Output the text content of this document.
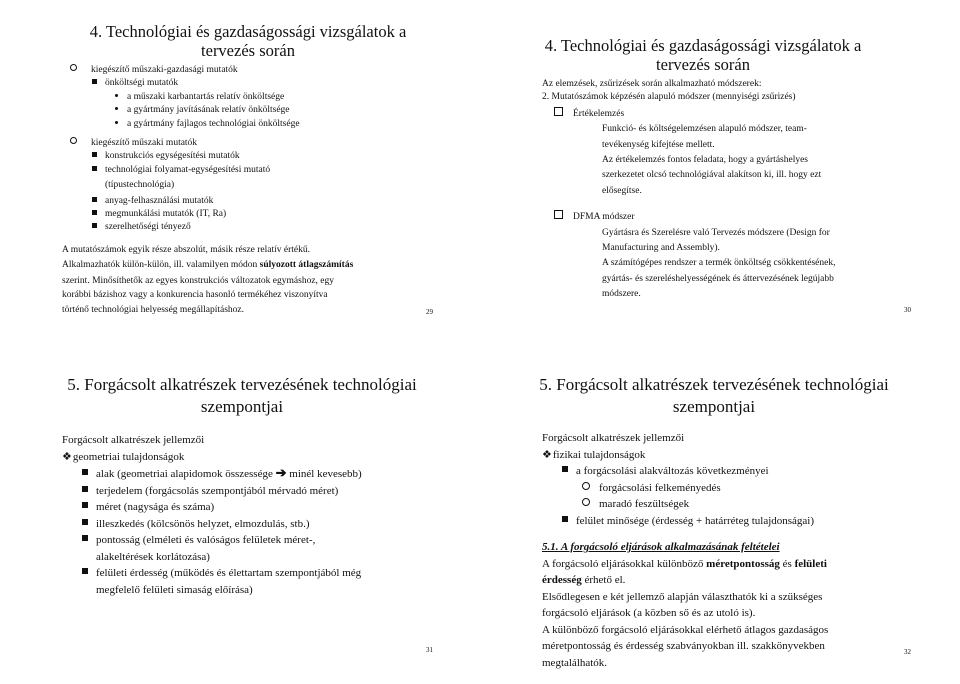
4. Technológiai és gazdaságossági vizsgálatok a tervezés során
kiegészítő műszaki-gazdasági mutatók
önköltségi mutatók
a műszaki karbantartás relatív önköltsége
a gyártmány javításának relatív önköltsége
a gyártmány fajlagos technológiai önköltsége
kiegészítő műszaki mutatók
konstrukciós egységesítési mutatók
technológiai folyamat-egységesítési mutató
(típustechnológia)
anyag-felhasználási mutatók
megmunkálási mutatók (IT, Ra)
szerelhetőségi tényező
A mutatószámok egyik része abszolút, másik része relatív értékű.
Alkalmazhatók külön-külön, ill. valamilyen módon súlyozott átlagszámítás
szerint. Minősíthetők az egyes konstrukciós változatok egymáshoz, egy
korábbi bázishoz vagy a konkurencia hasonló termékéhez viszonyítva
történő technológiai helyesség megállapításhoz.	29
4. Technológiai és gazdaságossági vizsgálatok a tervezés során
Az elemzések, zsűrizések során alkalmazható módszerek:
2. Mutatószámok képzésén alapuló módszer (mennyiségi zsűrizés)
Értékelemzés
Funkció- és költségelemzésen alapuló módszer, team-
tevékenység kifejtése mellett.
Az értékelemzés fontos feladata, hogy a gyártáshelyes
szerkezetet olcsó technológiával alakítson ki, ill. hogy ezt
elősegítse.
DFMA módszer
Gyártásra és Szerelésre való Tervezés módszere (Design for
Manufacturing and Assembly).
A számítógépes rendszer a termék önköltség csökkentésének,
gyártás- és szereléshelyességének és áttervezésének legújabb
módszere.
30
5. Forgácsolt alkatrészek tervezésének technológiai szempontjai
Forgácsolt alkatrészek jellemzői
❖geometriai tulajdonságok
alak (geometriai alapidomok összessége ➔ minél kevesebb)
terjedelem (forgácsolás szempontjából mérvadó méret)
méret (nagysága és száma)
illeszkedés (kölcsönös helyzet, elmozdulás, stb.)
pontosság (elméleti és valóságos felületek méret-,
alakeltérések korlátozása)
felületi érdesség (működés és élettartam szempontjából még
megfelelő felületi simaság előírása)
31
5. Forgácsolt alkatrészek tervezésének technológiai szempontjai
Forgácsolt alkatrészek jellemzői
❖fizikai tulajdonságok
a forgácsolási alakváltozás következményei
forgácsolási felkeményedés
maradó feszültségek
felület minősége (érdesség + határréteg tulajdonságai)
5.1. A forgácsoló eljárások alkalmazásának feltételei
A forgácsoló eljárásokkal különböző méretpontosság és felületi
érdesség érhető el.
Elsődlegesen e két jellemző alapján választhatók ki a szükséges
forgácsoló eljárások (a közben ső és az utoló is).
A különböző forgácsoló eljárásokkal elérhető átlagos gazdaságos
méretpontosság és érdesség szabványokban ill. szakkönyvekben
megtalálhatók.
32
